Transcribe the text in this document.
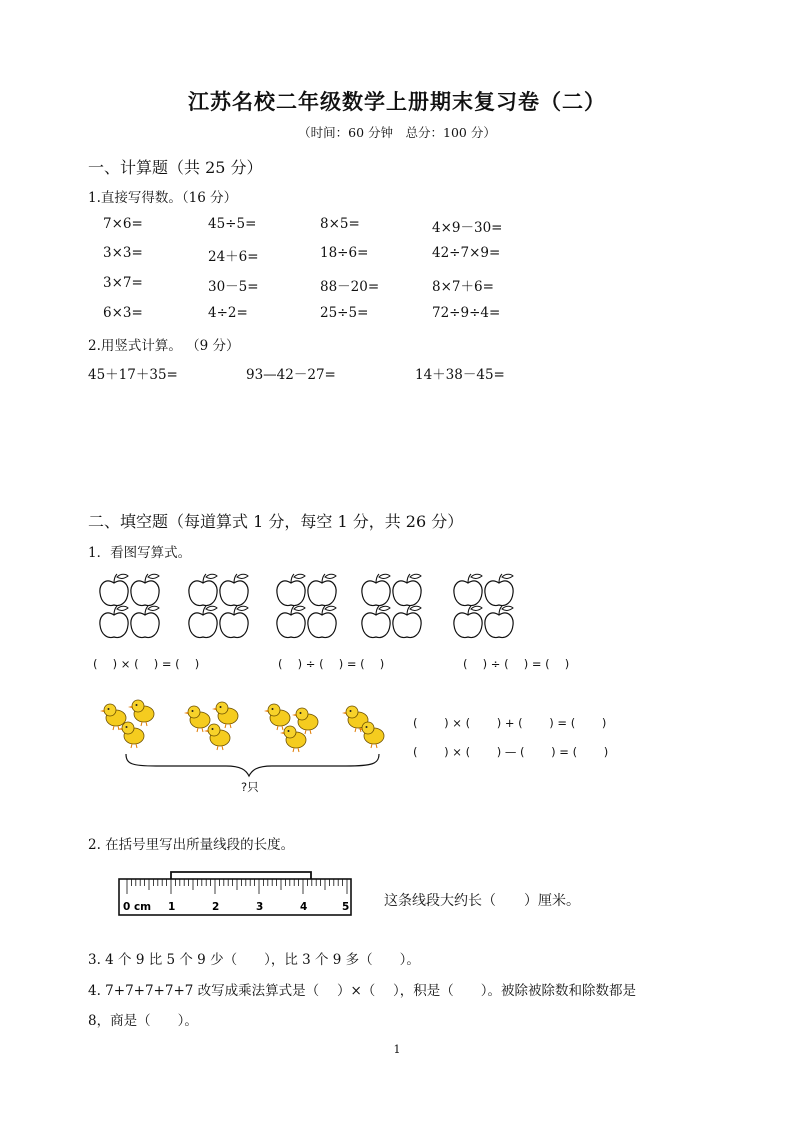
江苏名校二年级数学上册期末复习卷（二）
（时间：60 分钟　总分：100 分）
一、计算题（共 25 分）
1.直接写得数。（16 分）
7×6=	45÷5=	8×5=	4×9－30=
3×3=	24＋6=	18÷6=	42÷7×9=
3×7=	30－5=	88－20=	8×7＋6=
6×3=	4÷2=	25÷5=	72÷9÷4=
2.用竖式计算。 （9 分）
45＋17＋35=	93—42－27=	14＋38－45=
二、填空题（每道算式 1 分，每空 1 分，共 26 分）
1．看图写算式。
(　 ) × (　 ) = (　 )	(　 ) ÷ (　 ) = (　 )	(　 ) ÷ (　 ) = (　 )
?只
(　　 ) × (　　 ) + (　　 ) = (　　 )
(　　 ) × (　　 ) — (　　 ) = (　　 )
2. 在括号里写出所量线段的长度。
0 cm 1	2	3	4	5 这条线段大约长（　　）厘米。
3. 4 个 9 比 5 个 9 少（　　），比 3 个 9 多（　　）。
4. 7+7+7+7+7 改写成乘法算式是（　 ）×（　 ），积是（　　）。被除被除数和除数都是
8，商是（　　）。
1
